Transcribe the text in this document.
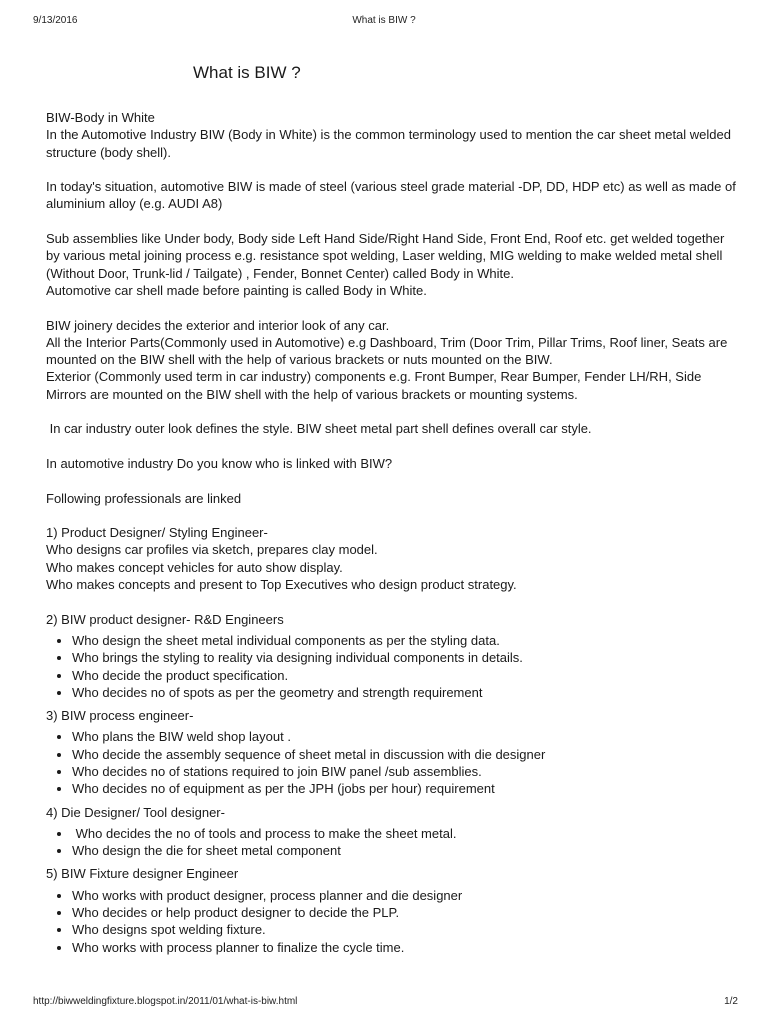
9/13/2016	What is BIW ?
What is BIW ?

BIW-Body in White
In the Automotive Industry BIW (Body in White) is the common terminology used to mention the car sheet metal welded structure (body shell).

In today's situation, automotive BIW is made of steel (various steel grade material -DP, DD, HDP etc) as well as made of aluminium alloy (e.g. AUDI A8)

Sub assemblies like Under body, Body side Left Hand Side/Right Hand Side, Front End, Roof etc. get welded together by various metal joining process e.g. resistance spot welding, Laser welding, MIG welding to make welded metal shell (Without Door, Trunk-lid / Tailgate) , Fender, Bonnet Center) called Body in White.
Automotive car shell made before painting is called Body in White.

BIW joinery decides the exterior and interior look of any car.
All the Interior Parts(Commonly used in Automotive) e.g Dashboard, Trim (Door Trim, Pillar Trims, Roof liner, Seats are mounted on the BIW shell with the help of various brackets or nuts mounted on the BIW.
Exterior (Commonly used term in car industry) components e.g. Front Bumper, Rear Bumper, Fender LH/RH, Side Mirrors are mounted on the BIW shell with the help of various brackets or mounting systems.

In car industry outer look defines the style. BIW sheet metal part shell defines overall car style.

In automotive industry Do you know who is linked with BIW?

Following professionals are linked

1) Product Designer/ Styling Engineer-
Who designs car profiles via sketch, prepares clay model.
Who makes concept vehicles for auto show display.
Who makes concepts and present to Top Executives who design product strategy.

2) BIW product designer- R&D Engineers

• Who design the sheet metal individual components as per the styling data.
• Who brings the styling to reality via designing individual components in details.
• Who decide the product specification.
• Who decides no of spots as per the geometry and strength requirement

3) BIW process engineer-

• Who plans the BIW weld shop layout .
• Who decide the assembly sequence of sheet metal in discussion with die designer
• Who decides no of stations required to join BIW panel /sub assemblies.
• Who decides no of equipment as per the JPH (jobs per hour) requirement

4) Die Designer/ Tool designer-

•  Who decides the no of tools and process to make the sheet metal.
• Who design the die for sheet metal component

5) BIW Fixture designer Engineer

• Who works with product designer, process planner and die designer
• Who decides or help product designer to decide the PLP.
• Who designs spot welding fixture.
• Who works with process planner to finalize the cycle time.
http://biwweldingfixture.blogspot.in/2011/01/what-is-biw.html	1/2
